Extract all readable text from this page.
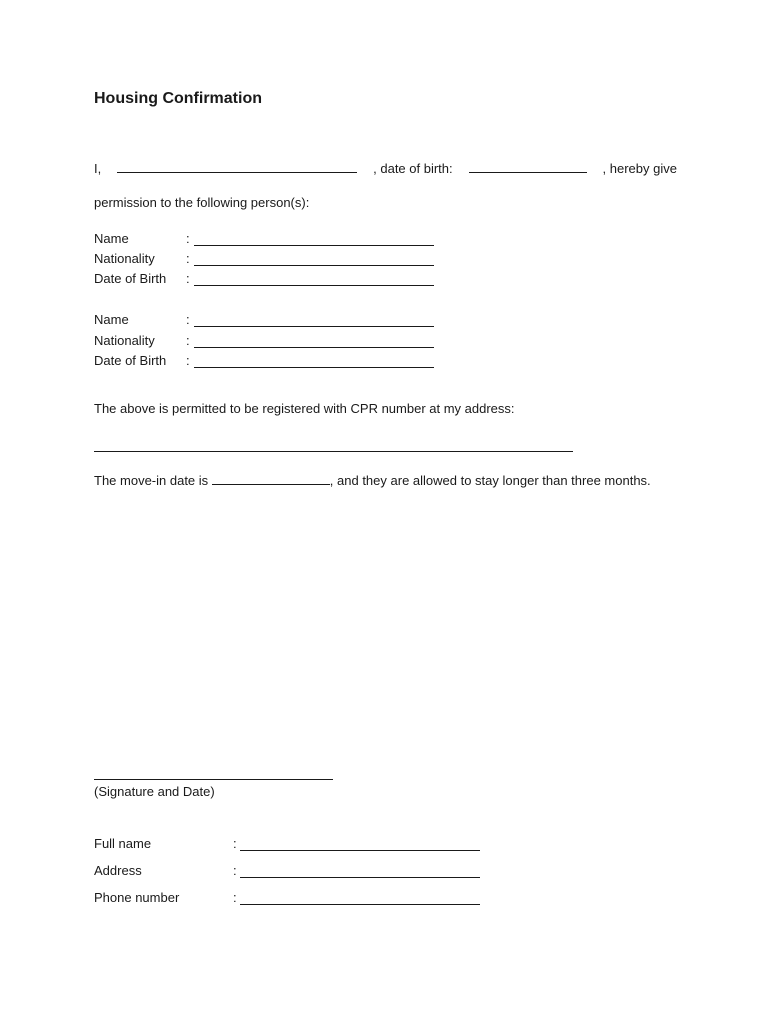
Housing Confirmation
I,	, date of birth:	, hereby give
permission to the following person(s):
Name	:
Nationality :
Date of Birth :
Name	:
Nationality :
Date of Birth :
The above is permitted to be registered with CPR number at my address:
The move-in date is	, and they are allowed to stay longer than three months.
(Signature and Date)
Full name	:
Address	:
Phone number	:
